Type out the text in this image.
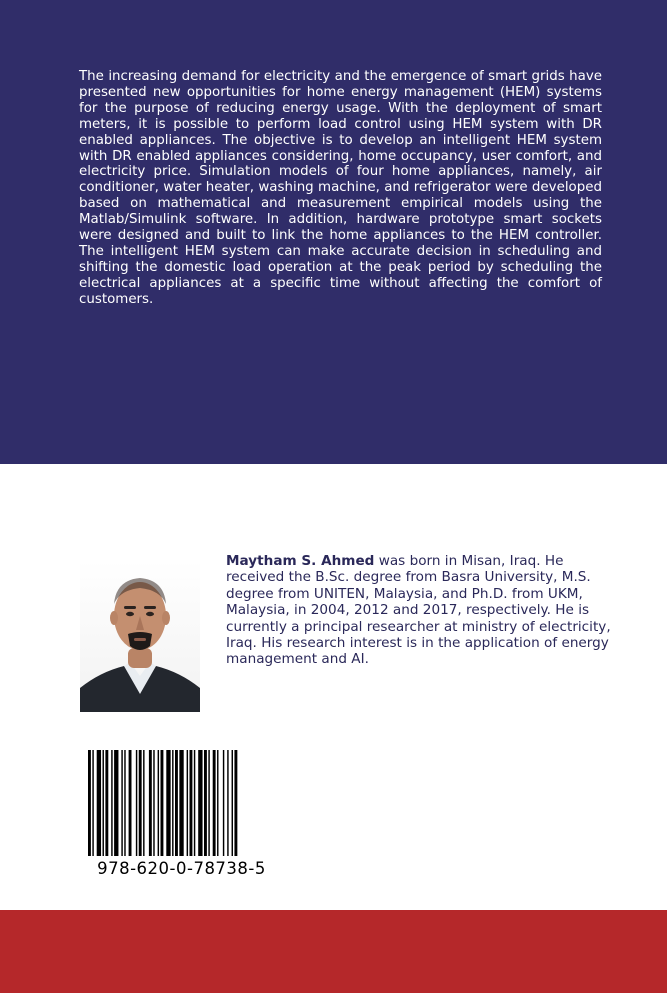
The increasing demand for electricity and the emergence of smart grids have presented new opportunities for home energy management (HEM) systems for the purpose of reducing energy usage. With the deployment of smart meters, it is possible to perform load control using HEM system with DR enabled appliances. The objective is to develop an intelligent HEM system with DR enabled appliances considering, home occupancy, user comfort, and electricity price. Simulation models of four home appliances, namely, air conditioner, water heater, washing machine, and refrigerator were developed based on mathematical and measurement empirical models using the Matlab/Simulink software. In addition, hardware prototype smart sockets were designed and built to link the home appliances to the HEM controller. The intelligent HEM system can make accurate decision in scheduling and shifting the domestic load operation at the peak period by scheduling the electrical appliances at a specific time without affecting the comfort of customers.

Maytham S. Ahmed was born in Misan, Iraq. He received the B.Sc. degree from Basra University, M.S. degree from UNITEN, Malaysia, and Ph.D. from UKM, Malaysia, in 2004, 2012 and 2017, respectively. He is currently a principal researcher at ministry of electricity, Iraq. His research interest is in the application of energy management and AI.

978-620-0-78738-5
